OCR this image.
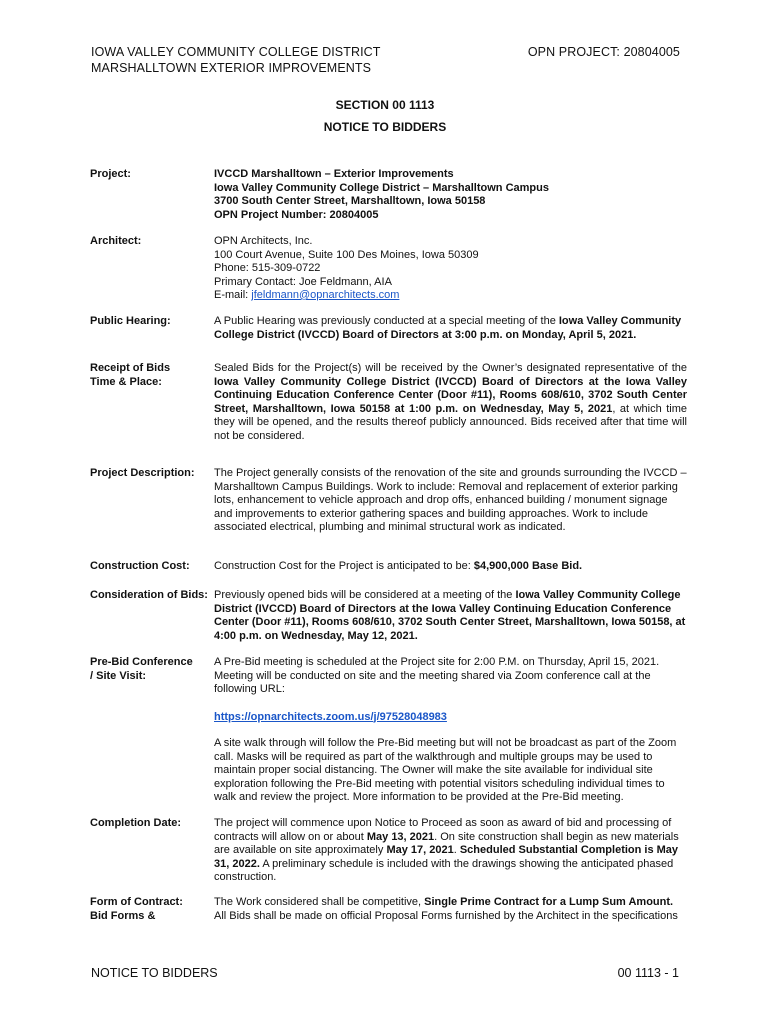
IOWA VALLEY COMMUNITY COLLEGE DISTRICT
MARSHALLTOWN EXTERIOR IMPROVEMENTS
OPN PROJECT: 20804005
SECTION 00 1113
NOTICE TO BIDDERS
Project:	IVCCD Marshalltown – Exterior Improvements
Iowa Valley Community College District – Marshalltown Campus
3700 South Center Street, Marshalltown, Iowa 50158
OPN Project Number: 20804005
Architect:	OPN Architects, Inc.
100 Court Avenue, Suite 100 Des Moines, Iowa 50309
Phone: 515-309-0722
Primary Contact: Joe Feldmann, AIA
E-mail: jfeldmann@opnarchitects.com
Public Hearing:	A Public Hearing was previously conducted at a special meeting of the Iowa Valley Community College District (IVCCD) Board of Directors at 3:00 p.m. on Monday, April 5, 2021.
Receipt of Bids
Time & Place:
Sealed Bids for the Project(s) will be received by the Owner’s designated representative of the Iowa Valley Community College District (IVCCD) Board of Directors at the Iowa Valley Continuing Education Conference Center (Door #11), Rooms 608/610, 3702 South Center Street, Marshalltown, Iowa 50158 at 1:00 p.m. on Wednesday, May 5, 2021, at which time they will be opened, and the results thereof publicly announced. Bids received after that time will not be considered.
Project Description:	The Project generally consists of the renovation of the site and grounds surrounding the IVCCD – Marshalltown Campus Buildings. Work to include: Removal and replacement of exterior parking lots, enhancement to vehicle approach and drop offs, enhanced building / monument signage and improvements to exterior gathering spaces and building approaches. Work to include associated electrical, plumbing and minimal structural work as indicated.
Construction Cost:	Construction Cost for the Project is anticipated to be: $4,900,000 Base Bid.
Consideration of Bids: Previously opened bids will be considered at a meeting of the Iowa Valley Community College District (IVCCD) Board of Directors at the Iowa Valley Continuing Education Conference Center (Door #11), Rooms 608/610, 3702 South Center Street, Marshalltown, Iowa 50158, at 4:00 p.m. on Wednesday, May 12, 2021.
Pre-Bid Conference
/ Site Visit:

A Pre-Bid meeting is scheduled at the Project site for 2:00 P.M. on Thursday, April 15, 2021. Meeting will be conducted on site and the meeting shared via Zoom conference call at the following URL:

https://opnarchitects.zoom.us/j/97528048983

A site walk through will follow the Pre-Bid meeting but will not be broadcast as part of the Zoom call. Masks will be required as part of the walkthrough and multiple groups may be used to maintain proper social distancing. The Owner will make the site available for individual site exploration following the Pre-Bid meeting with potential visitors scheduling individual times to walk and review the project. More information to be provided at the Pre-Bid meeting.

Completion Date:	The project will commence upon Notice to Proceed as soon as award of bid and processing of contracts will allow on or about May 13, 2021. On site construction shall begin as new materials are available on site approximately May 17, 2021. Scheduled Substantial Completion is May 31, 2022. A preliminary schedule is included with the drawings showing the anticipated phased construction.
Form of Contract:
Bid Forms &
The Work considered shall be competitive, Single Prime Contract for a Lump Sum Amount.
All Bids shall be made on official Proposal Forms furnished by the Architect in the specifications
NOTICE TO BIDDERS	00 1113 - 1
